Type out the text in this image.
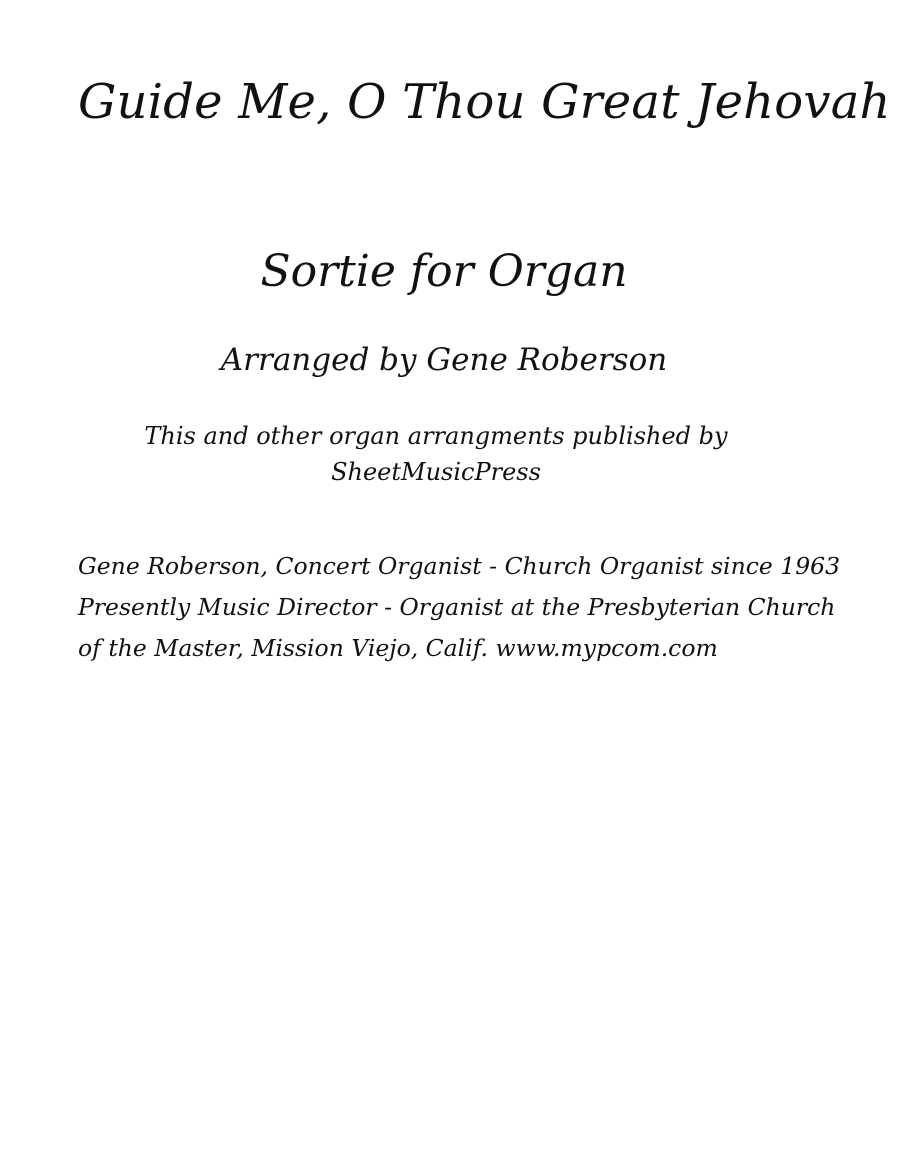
Guide Me, O Thou Great Jehovah
Sortie for Organ
Arranged by Gene Roberson
This and other organ arrangments published by
SheetMusicPress
Gene Roberson, Concert Organist - Church Organist since 1963
Presently Music Director - Organist at the Presbyterian Church
of the Master, Mission Viejo, Calif. www.mypcom.com
